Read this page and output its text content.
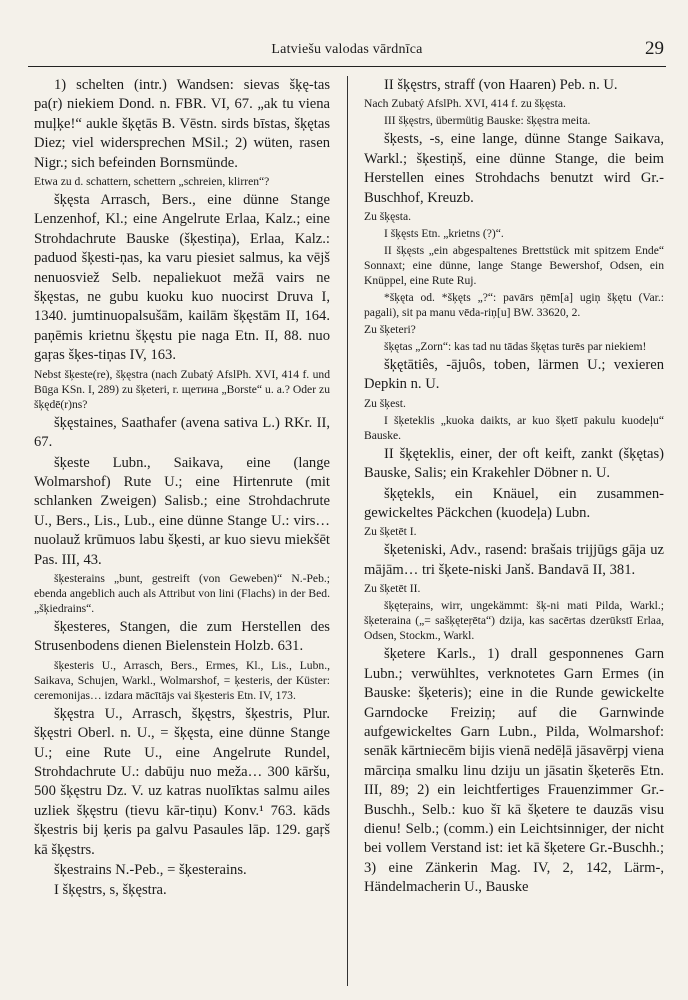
Latviešu valodas vārdnīca	29

1) schelten (intr.) Wandsen: sievas šķę-tas pa(r) niekiem Dond. n. FBR. VI, 67. „ak tu viena muļķe!“ aukle šķętās B. Vēstn. sirds bīstas, šķętas Diez; viel widersprechen MSil.; 2) wüten, rasen Nigr.; sich befeinden Bornsmünde.

Etwa zu d. schattern, schettern „schreien, klirren“?

šķęsta Arrasch, Bers., eine dünne Stange Lenzenhof, Kl.; eine Angelrute Erlaa, Kalz.; eine Strohdachrute Bauske (šķestiņa), Erlaa, Kalz.: paduod šķesti-ņas, ka varu piesiet salmus, ka vējš nenuosviež Selb. nepaliekuot mežā vairs ne šķęstas, ne gubu kuoku kuo nuocirst Druva I, 1340. jumtinuopalsušām, kailām šķęstām II, 164. paņēmis krietnu šķęstu pie naga Etn. II, 88. nuo gaŗas šķes-tiņas IV, 163.

Nebst šķeste(re), šķęstra (nach Zubatý AfslPh. XVI, 414 f. und Būga KSn. I, 289) zu šķeteri, r. щетина „Borste“ u. a.? Oder zu šķędē(r)ns?

šķęstaines, Saathafer (avena sativa L.) RKr. II, 67.

šķeste Lubn., Saikava, eine (lange Wolmarshof) Rute U.; eine Hirtenrute (mit schlanken Zweigen) Salisb.; eine Strohdachrute U., Bers., Lis., Lub., eine dünne Stange U.: virs… nuolauž krūmuos labu šķesti, ar kuo sievu miekšēt Pas. III, 43.

šķesterains „bunt, gestreift (von Geweben)“ N.-Peb.; ebenda angeblich auch als Attribut von lini (Flachs) in der Bed. „šķiedrains“.

šķesteres, Stangen, die zum Herstellen des Strusenbodens dienen Bielenstein Holzb. 631.

šķesteris U., Arrasch, Bers., Ermes, Kl., Lis., Lubn., Saikava, Schujen, Warkl., Wolmarshof, = ķesteris, der Küster: ceremonijas… izdara mācītājs vai šķesteris Etn. IV, 173.

šķęstra U., Arrasch, šķęstrs, šķestris, Plur. šķęstri Oberl. n. U., = šķęsta, eine dünne Stange U.; eine Rute U., eine Angelrute Rundel, Strohdachrute U.: dabūju nuo mežа… 300 kāršu, 500 šķęstru Dz. V. uz katras nuolīktas salmu ailes uzliek šķęstru (tievu kār-tiņu) Konv.¹ 763. kāds šķestris bij ķeris pa galvu Pasaules lāp. 129. gaŗš kā šķęstrs.

šķestrains N.-Peb., = šķesterains.

I šķęstrs, s, šķęstra.

II šķęstrs, straff (von Haaren) Peb. n. U.

Nach Zubatý AfslPh. XVI, 414 f. zu šķęsta.

III šķęstrs, übermütig Bauske: šķęstra meita.

šķests, -s, eine lange, dünne Stange Saikava, Warkl.; šķestiņš, eine dünne Stange, die beim Herstellen eines Strohdachs benutzt wird Gr.-Buschhof, Kreuzb.

Zu šķęsta.

I šķęsts Etn. „krietns (?)“.

II šķęsts „ein abgespaltenes Brettstück mit spitzem Ende“ Sonnaxt; eine dünne, lange Stange Bewershof, Odsen, ein Knüppel, eine Rute Ruj.

*šķęta od. *šķęts „?“: pavārs ņēm[a] ugiņ šķętu (Var.: pagali), sit pa manu vēda-riņ[u] BW. 33620, 2.

Zu šķeteri?

šķętas „Zorn“: kas tad nu tādas šķętas turēs par niekiem!

šķętātiês, -ājuôs, toben, lärmen U.; vexieren Depkin n. U.

Zu šķest.

I šķeteklis „kuoka daikts, ar kuo šķetī pakulu kuodeļu“ Bauske.

II šķęteklis, einer, der oft keift, zankt (šķętas) Bauske, Salis; ein Krakehler Döbner n. U.

šķętekls, ein Knäuel, ein zusammen-gewickeltes Päckchen (kuodeļa) Lubn.

Zu šķetēt I.

šķeteniski, Adv., rasend: brašais trijjūgs gāja uz mājām… tri šķete-niski Janš. Bandavā II, 381.

Zu šķetēt II.

šķęteŗains, wirr, ungekämmt: šķ-ni mati Pilda, Warkl.; šķeteraina („= sašķęteŗēta“) dzija, kas sacērtas dzerūkstī Erlaa, Odsen, Stockm., Warkl.

šķetere Karls., 1) drall gesponnenes Garn Lubn.; verwühltes, verknotetes Garn Ermes (in Bauske: šķeteris); eine in die Runde gewickelte Garndocke Freiziņ; auf die Garnwinde aufgewickeltes Garn Lubn., Pilda, Wolmarshof: senāk kārtniecēm bijis vienā nedēļā jāsavērpj viena mārciņa smalku linu dziju un jāsatin šķeterēs Etn. III, 89; 2) ein leichtfertiges Frauenzimmer Gr.-Buschh., Selb.: kuo šī kā šķetere te dauzās visu dienu! Selb.; (comm.) ein Leichtsinniger, der nicht bei vollem Verstand ist: iet kā šķetere Gr.-Buschh.; 3) eine Zänkerin Mag. IV, 2, 142, Lärm-, Händelmacherin U., Bauske
